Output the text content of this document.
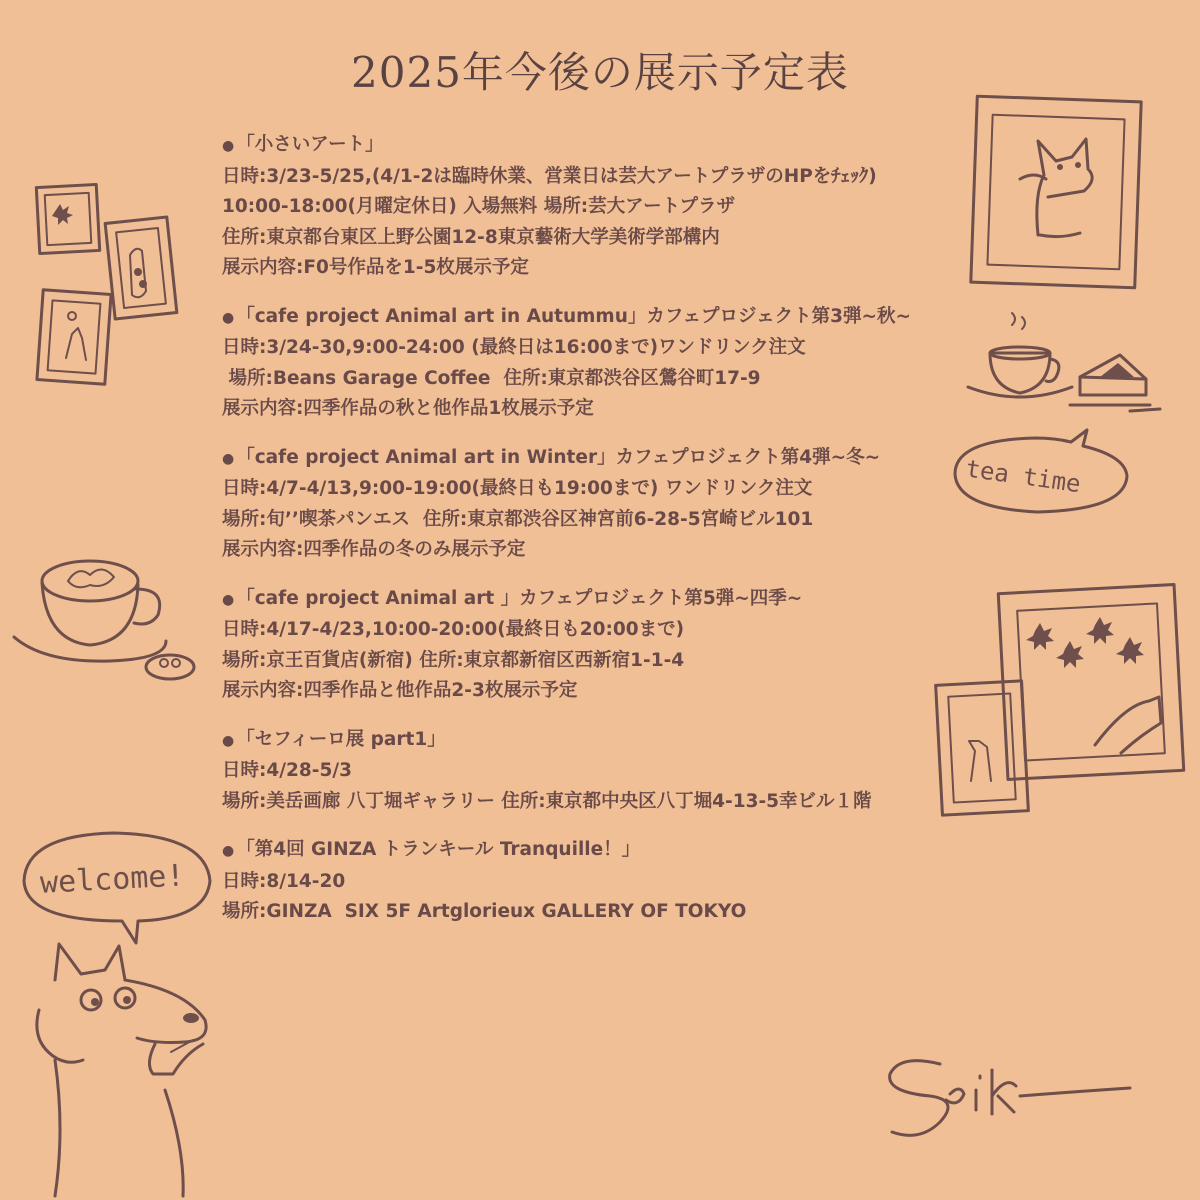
2025年今後の展示予定表
● 「小さいアート」
日時:3/23-5/25,(4/1-2は臨時休業、営業日は芸大アートプラザのHPをﾁｪｯｸ)
10:00-18:00(月曜定休日) 入場無料 場所:芸大アートプラザ
住所:東京都台東区上野公園12-8東京藝術大学美術学部構内
展示内容:F0号作品を1-5枚展示予定
● 「cafe project Animal art in Autummu」カフェプロジェクト第3弾~秋~
日時:3/24-30,9:00-24:00 (最終日は16:00まで)ワンドリンク注文
場所:Beans Garage Coffee  住所:東京都渋谷区鶯谷町17-9
展示内容:四季作品の秋と他作品1枚展示予定
● 「cafe project Animal art in Winter」カフェプロジェクト第4弾~冬~
日時:4/7-4/13,9:00-19:00(最終日も19:00まで) ワンドリンク注文
場所:旬’’喫茶パンエス  住所:東京都渋谷区神宮前6-28-5宮崎ビル101
展示内容:四季作品の冬のみ展示予定
● 「cafe project Animal art 」カフェプロジェクト第5弾~四季~
日時:4/17-4/23,10:00-20:00(最終日も20:00まで)
場所:京王百貨店(新宿) 住所:東京都新宿区西新宿1-1-4
展示内容:四季作品と他作品2-3枚展示予定
● 「セフィーロ展 part1」
日時:4/28-5/3
場所:美岳画廊 八丁堀ギャラリー 住所:東京都中央区八丁堀4-13-5幸ビル１階
● 「第4回 GINZA トランキール Tranquille！」
日時:8/14-20
場所:GINZA  SIX 5F Artglorieux GALLERY OF TOKYO
tea time
welcome!
